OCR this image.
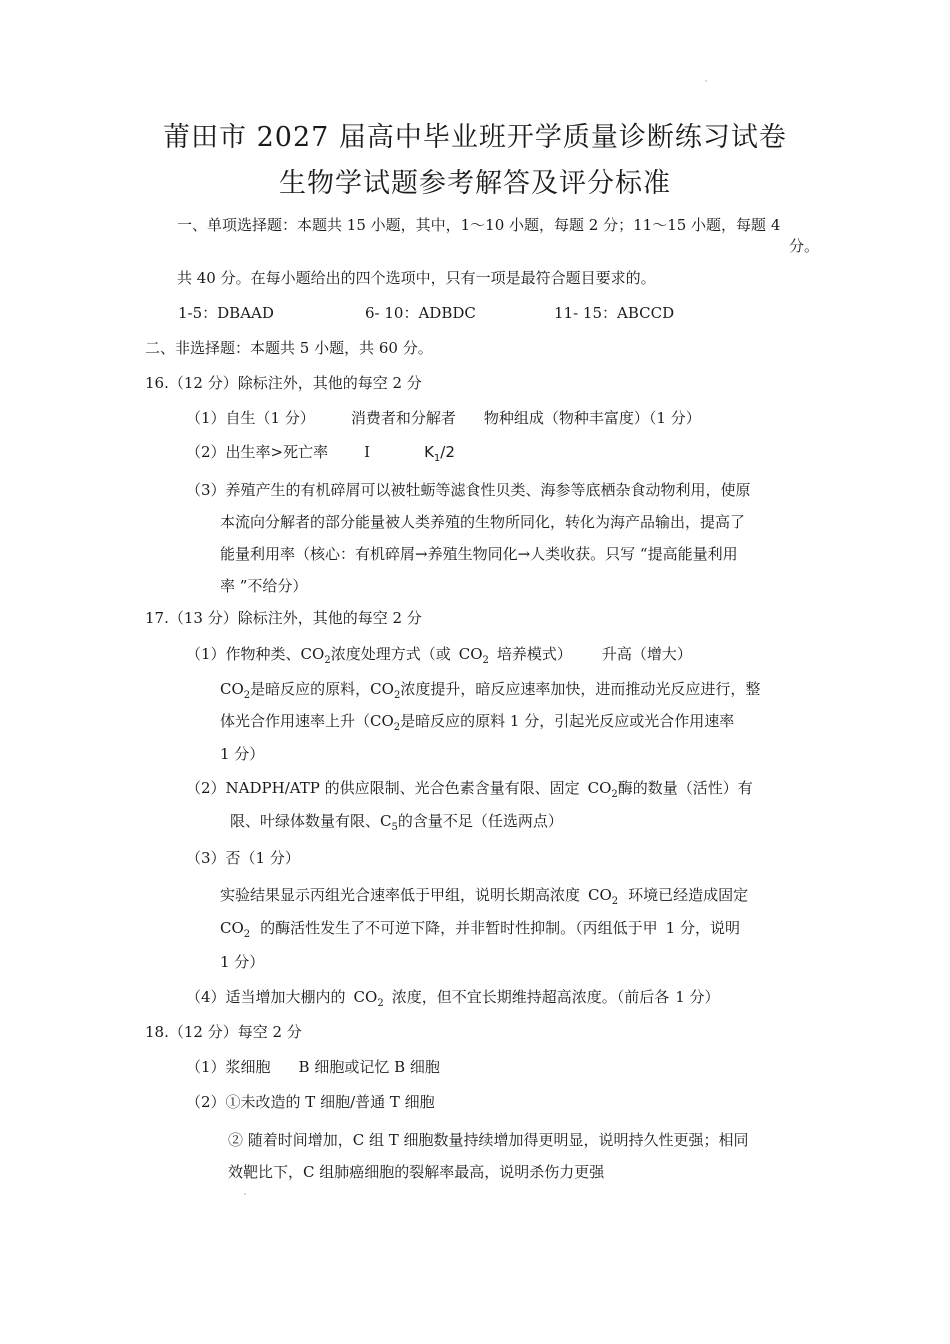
莆田市 2027 届高中毕业班开学质量诊断练习试卷
生物学试题参考解答及评分标准
一、单项选择题：本题共 15 小题，其中，1～10 小题，每题 2 分；11～15 小题，每题 4
分。
共 40 分。在每小题给出的四个选项中，只有一项是最符合题目要求的。
1-5：DBAAD	6- 10：ADBDC	11- 15：ABCCD
二、非选择题：本题共 5 小题，共 60 分。
16.（12 分）除标注外，其他的每空 2 分
（1）自生（1 分） 消费者和分解者 物种组成（物种丰富度）（1 分）
（2）出生率>死亡率 Ⅰ	$K_1/2$
（3）养殖产生的有机碎屑可以被牡蛎等滤食性贝类、海参等底栖杂食动物利用，使原
本流向分解者的部分能量被人类养殖的生物所同化，转化为海产品输出，提高了
能量利用率（核心：有机碎屑→养殖生物同化→人类收获。只写 “提高能量利用
率 ”不给分）
17.（13 分）除标注外，其他的每空 2 分
（1）作物种类、$CO_2$浓度处理方式（或 $CO_2$ 培养模式） 升高（增大）
$CO_2$是暗反应的原料，$CO_2$浓度提升，暗反应速率加快，进而推动光反应进行，整
体光合作用速率上升（$CO_2$是暗反应的原料 1 分，引起光反应或光合作用速率
1 分）
（2）NADPH/ATP 的供应限制、光合色素含量有限、固定 $CO_2$酶的数量（活性）有
限、叶绿体数量有限、$C_5$的含量不足（任选两点）
（3）否（1 分）
实验结果显示丙组光合速率低于甲组，说明长期高浓度 $CO_2$ 环境已经造成固定
$CO_2$ 的酶活性发生了不可逆下降，并非暂时性抑制。（丙组低于甲 1 分，说明
1 分）
（4）适当增加大棚内的 $CO_2$ 浓度，但不宜长期维持超高浓度。（前后各 1 分）
18.（12 分）每空 2 分
（1）浆细胞 B 细胞或记忆 B 细胞
（2）①未改造的 T 细胞/普通 T 细胞
② 随着时间增加，C 组 T 细胞数量持续增加得更明显，说明持久性更强；相同
效靶比下，C 组肺癌细胞的裂解率最高，说明杀伤力更强
